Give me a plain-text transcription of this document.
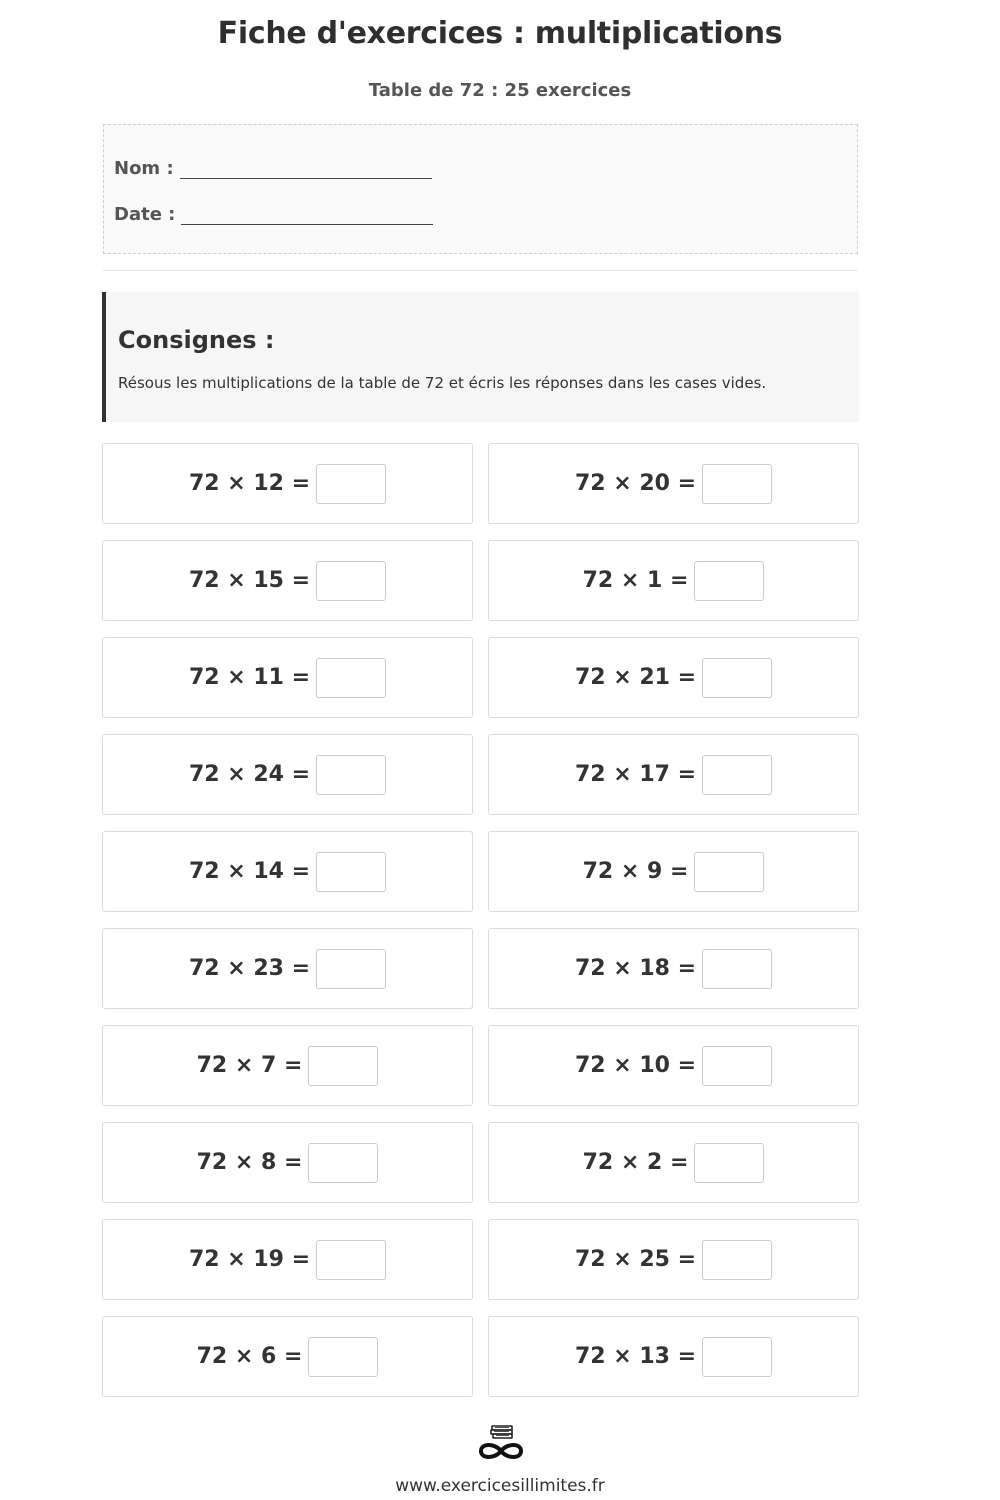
Fiche d'exercices : multiplications
Table de 72 : 25 exercices
Nom :
Date :
Consignes :
Résous les multiplications de la table de 72 et écris les réponses dans les cases vides.
72 × 12 =	72 × 20 =
72 × 15 =	72 × 1 =
72 × 11 =	72 × 21 =
72 × 24 =	72 × 17 =
72 × 14 =	72 × 9 =
72 × 23 =	72 × 18 =
72 × 7 =	72 × 10 =
72 × 8 =	72 × 2 =
72 × 19 =	72 × 25 =
72 × 6 =	72 × 13 =
www.exercicesillimites.fr
